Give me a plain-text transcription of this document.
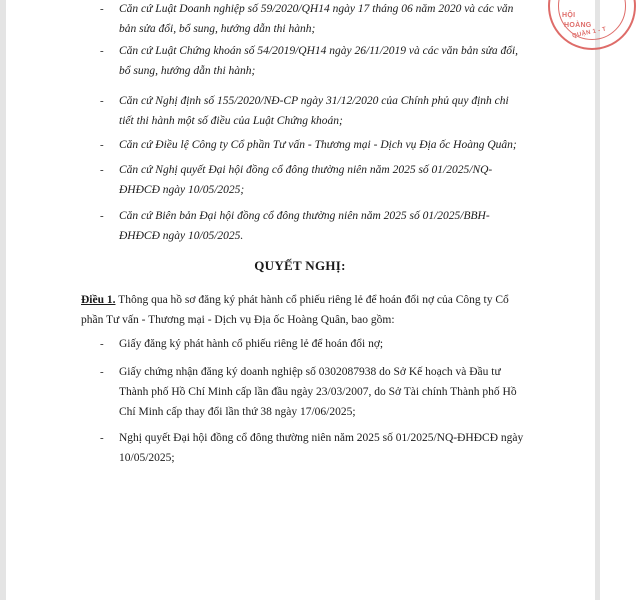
HỘI
HOÀNG
QUẬN 1 - T
- Căn cứ Luật Doanh nghiệp số 59/2020/QH14 ngày 17 tháng 06 năm 2020 và các văn
bản sửa đổi, bổ sung, hướng dẫn thi hành;
- Căn cứ Luật Chứng khoán số 54/2019/QH14 ngày 26/11/2019 và các văn bản sửa đổi,
bổ sung, hướng dẫn thi hành;
- Căn cứ Nghị định số 155/2020/NĐ-CP ngày 31/12/2020 của Chính phủ quy định chi
tiết thi hành một số điều của Luật Chứng khoán;
- Căn cứ Điều lệ Công ty Cổ phần Tư vấn - Thương mại - Dịch vụ Địa ốc Hoàng Quân;
- Căn cứ Nghị quyết Đại hội đồng cổ đông thường niên năm 2025 số 01/2025/NQ-
ĐHĐCĐ ngày 10/05/2025;
- Căn cứ Biên bản Đại hội đồng cổ đông thường niên năm 2025 số 01/2025/BBH-
ĐHĐCĐ ngày 10/05/2025.
QUYẾT NGHỊ:
Điều 1. Thông qua hồ sơ đăng ký phát hành cổ phiếu riêng lẻ để hoán đổi nợ của Công ty Cổ
phần Tư vấn - Thương mại - Dịch vụ Địa ốc Hoàng Quân, bao gồm:
- Giấy đăng ký phát hành cổ phiếu riêng lẻ để hoán đổi nợ;
- Giấy chứng nhận đăng ký doanh nghiệp số 0302087938 do Sở Kế hoạch và Đầu tư
Thành phố Hồ Chí Minh cấp lần đầu ngày 23/03/2007, do Sở Tài chính Thành phố Hồ
Chí Minh cấp thay đổi lần thứ 38 ngày 17/06/2025;
- Nghị quyết Đại hội đồng cổ đông thường niên năm 2025 số 01/2025/NQ-ĐHĐCĐ ngày
10/05/2025;
